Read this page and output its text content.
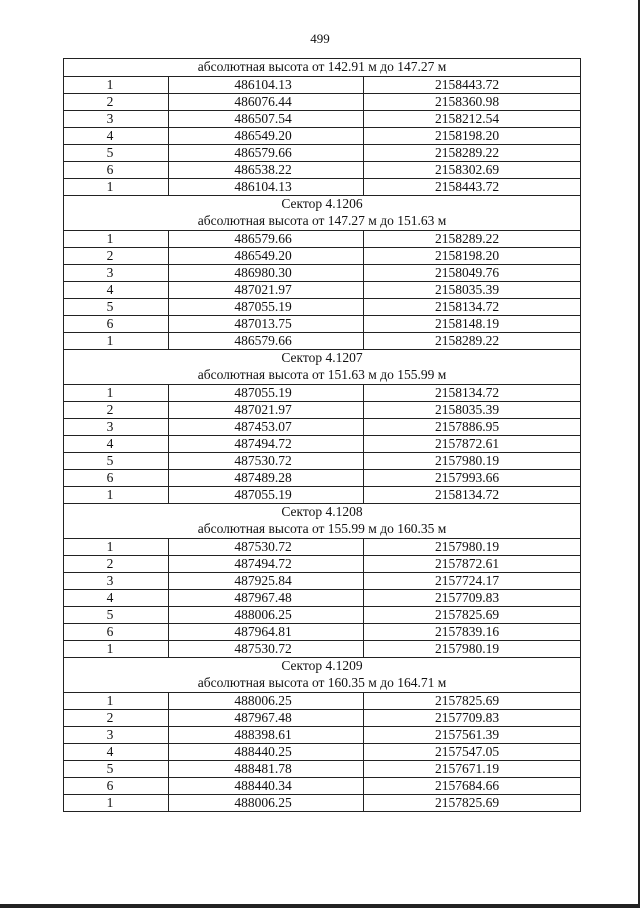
499
абсолютная высота от 142.91 м до 147.27 м		
1	486104.13	2158443.72
2	486076.44	2158360.98
3	486507.54	2158212.54
4	486549.20	2158198.20
5	486579.66	2158289.22
6	486538.22	2158302.69
1	486104.13	2158443.72
Сектор 4.1206		
абсолютная высота от 147.27 м до 151.63 м		
1	486579.66	2158289.22
2	486549.20	2158198.20
3	486980.30	2158049.76
4	487021.97	2158035.39
5	487055.19	2158134.72
6	487013.75	2158148.19
1	486579.66	2158289.22
Сектор 4.1207		
абсолютная высота от 151.63 м до 155.99 м		
1	487055.19	2158134.72
2	487021.97	2158035.39
3	487453.07	2157886.95
4	487494.72	2157872.61
5	487530.72	2157980.19
6	487489.28	2157993.66
1	487055.19	2158134.72
Сектор 4.1208		
абсолютная высота от 155.99 м до 160.35 м		
1	487530.72	2157980.19
2	487494.72	2157872.61
3	487925.84	2157724.17
4	487967.48	2157709.83
5	488006.25	2157825.69
6	487964.81	2157839.16
1	487530.72	2157980.19
Сектор 4.1209		
абсолютная высота от 160.35 м до 164.71 м		
1	488006.25	2157825.69
2	487967.48	2157709.83
3	488398.61	2157561.39
4	488440.25	2157547.05
5	488481.78	2157671.19
6	488440.34	2157684.66
1	488006.25	2157825.69
